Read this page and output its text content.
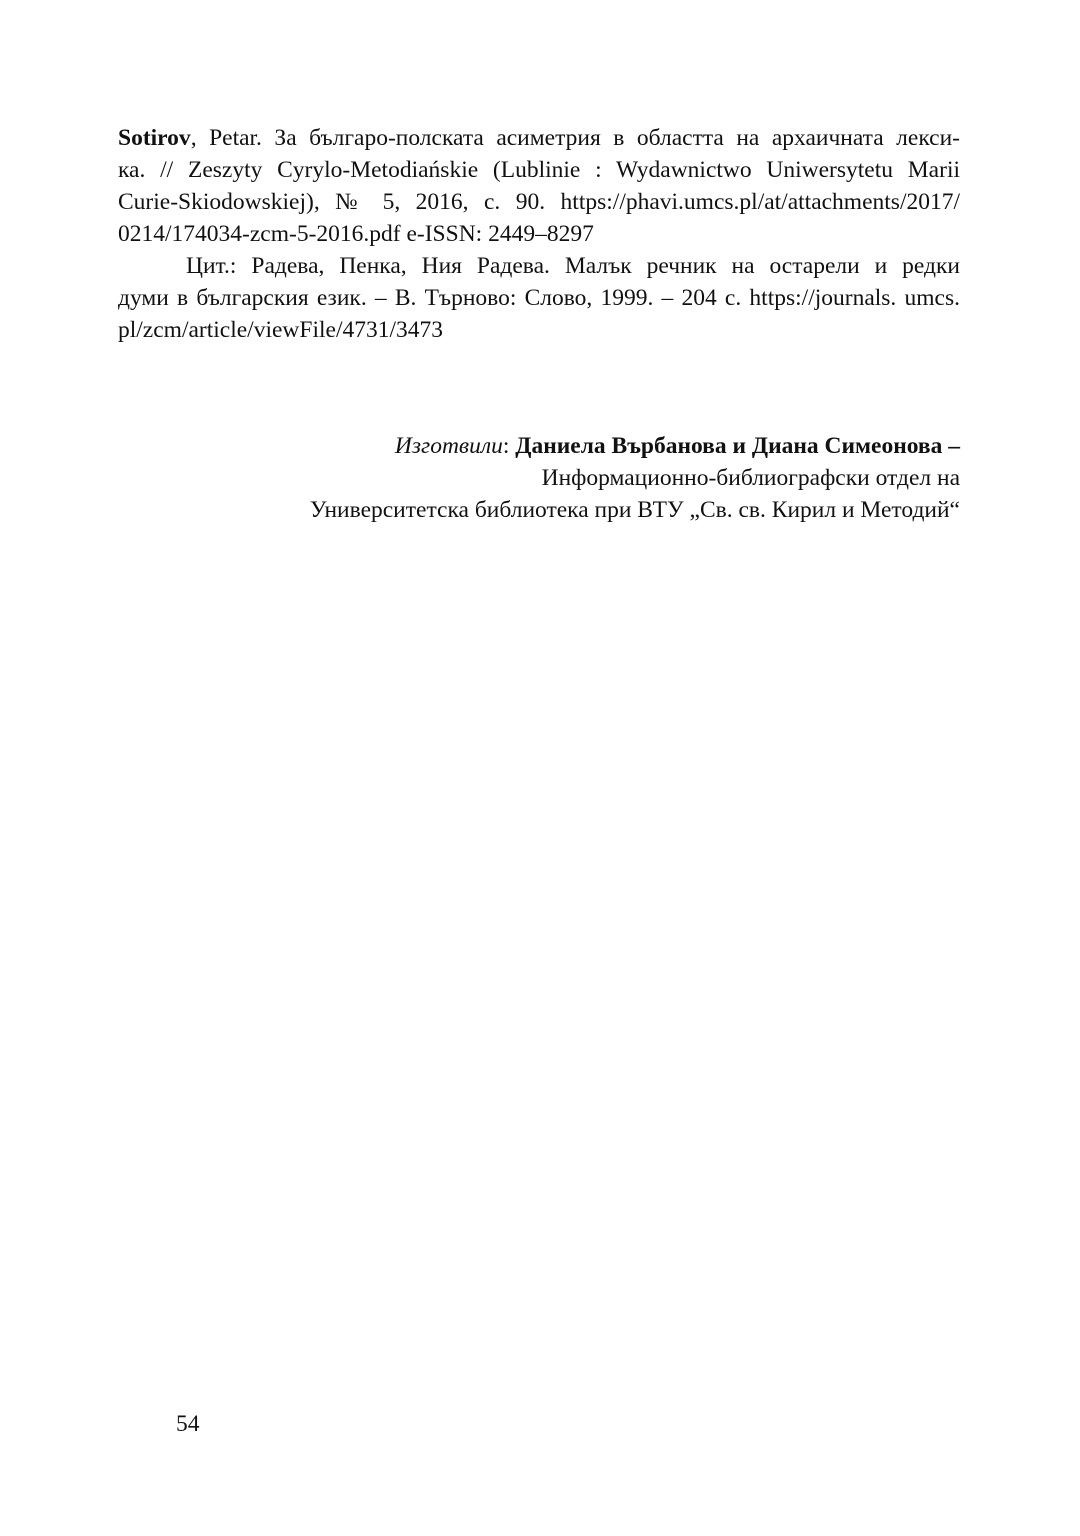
Sotirov, Petar. За българо-полската асиметрия в областта на архаичната лекси-
ка. // Zeszyty Cyrylo-Metodiańskie (Lublinie : Wydawnictwo Uniwersytetu Marii
Curie-Skiodowskiej), № 5, 2016, с. 90. https://phavi.umcs.pl/at/attachments/2017/
0214/174034-zcm-5-2016.pdf e-ISSN: 2449–8297
Цит.: Радева, Пенка, Ния Радева. Малък речник на остарели и редки
думи в българския език. – В. Търново: Слово, 1999. – 204 с. https://journals. umcs.
pl/zcm/article/viewFile/4731/3473
Изготвили: Даниела Върбанова и Диана Симеонова –
Информационно-библиографски отдел на
Университетска библиотека при ВТУ „Св. св. Кирил и Методий“
54
